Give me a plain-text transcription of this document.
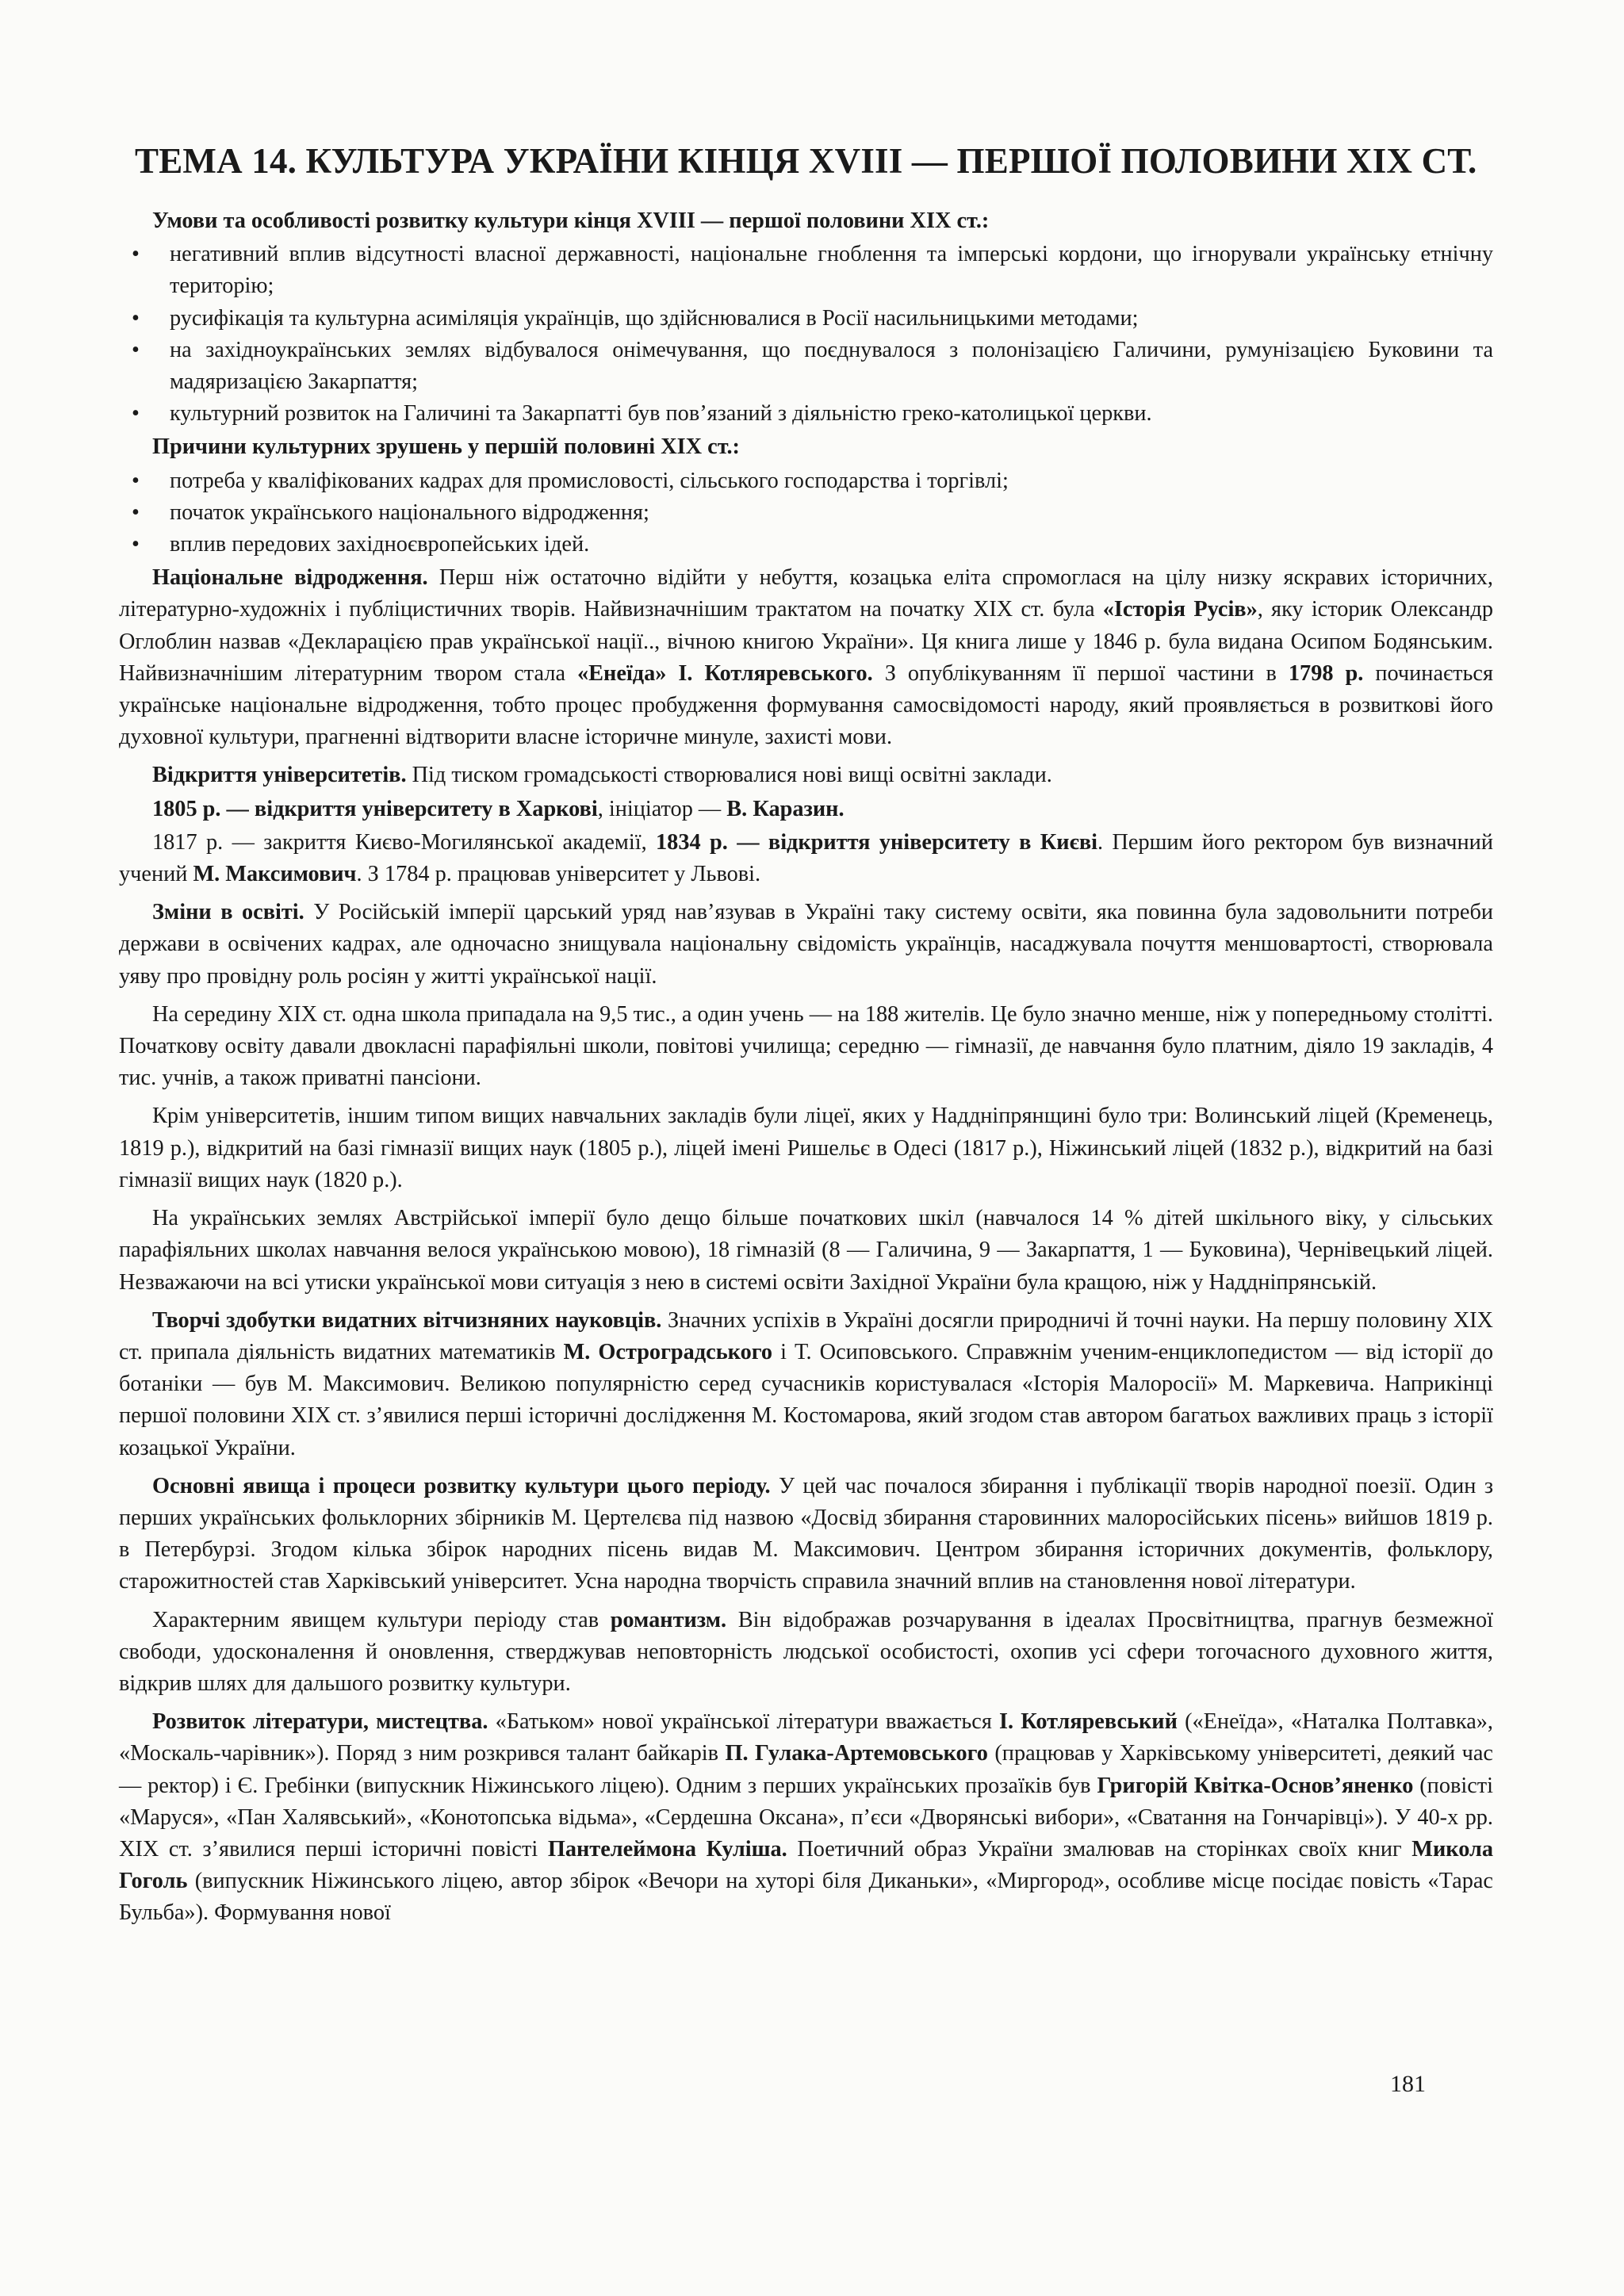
ТЕМА 14. КУЛЬТУРА УКРАЇНИ КІНЦЯ XVIII — ПЕРШОЇ ПОЛОВИНИ XIX СТ.
Умови та особливості розвитку культури кінця XVIII — першої половини XIX ст.:
• негативний вплив відсутності власної державності, національне гноблення та імперські кордони, що ігнорували українську етнічну територію;
• русифікація та культурна асиміляція українців, що здійснювалися в Росії насильницькими методами;
• на західноукраїнських землях відбувалося онімечування, що поєднувалося з полонізацією Галичини, румунізацією Буковини та мадяризацією Закарпаття;
• культурний розвиток на Галичині та Закарпатті був пов’язаний з діяльністю греко-католицької церкви.
Причини культурних зрушень у першій половині XIX ст.:
• потреба у кваліфікованих кадрах для промисловості, сільського господарства і торгівлі;
• початок українського національного відродження;
• вплив передових західноєвропейських ідей.

Національне відродження. Перш ніж остаточно відійти у небуття, козацька еліта спромоглася на цілу низку яскравих історичних, літературно-художніх і публіцистичних творів. Найвизначнішим трактатом на початку XIX ст. була «Історія Русів», яку історик Олександр Оглоблин назвав «Декларацією прав української нації.., вічною книгою України». Ця книга лише у 1846 р. була видана Осипом Бодянським. Найвизначнішим літературним твором стала «Енеїда» І. Котляревського. З опублікуванням її першої частини в 1798 р. починається українське національне відродження, тобто процес пробудження формування самосвідомості народу, який проявляється в розвиткові його духовної культури, прагненні відтворити власне історичне минуле, захисті мови.

Відкриття університетів. Під тиском громадськості створювалися нові вищі освітні заклади.

1805 р. — відкриття університету в Харкові, ініціатор — В. Каразин.

1817 р. — закриття Києво-Могилянської академії, 1834 р. — відкриття університету в Києві. Першим його ректором був визначний учений М. Максимович. З 1784 р. працював університет у Львові.

Зміни в освіті. У Російській імперії царський уряд нав’язував в Україні таку систему освіти, яка повинна була задовольнити потреби держави в освічених кадрах, але одночасно знищувала національну свідомість українців, насаджувала почуття меншовартості, створювала уяву про провідну роль росіян у житті української нації.

На середину XIX ст. одна школа припадала на 9,5 тис., а один учень — на 188 жителів. Це було значно менше, ніж у попередньому столітті. Початкову освіту давали двокласні парафіяльні школи, повітові училища; середню — гімназії, де навчання було платним, діяло 19 закладів, 4 тис. учнів, а також приватні пансіони.

Крім університетів, іншим типом вищих навчальних закладів були ліцеї, яких у Наддніпрянщині було три: Волинський ліцей (Кременець, 1819 р.), відкритий на базі гімназії вищих наук (1805 р.), ліцей імені Ришельє в Одесі (1817 р.), Ніжинський ліцей (1832 р.), відкритий на базі гімназії вищих наук (1820 р.).

На українських землях Австрійської імперії було дещо більше початкових шкіл (навчалося 14 % дітей шкільного віку, у сільських парафіяльних школах навчання велося українською мовою), 18 гімназій (8 — Галичина, 9 — Закарпаття, 1 — Буковина), Чернівецький ліцей. Незважаючи на всі утиски української мови ситуація з нею в системі освіти Західної України була кращою, ніж у Наддніпрянській.

Творчі здобутки видатних вітчизняних науковців. Значних успіхів в Україні досягли природничі й точні науки. На першу половину XIX ст. припала діяльність видатних математиків М. Остроградського і Т. Осиповського. Справжнім ученим-енциклопедистом — від історії до ботаніки — був М. Максимович. Великою популярністю серед сучасників користувалася «Історія Малоросії» М. Маркевича. Наприкінці першої половини XIX ст. з’явилися перші історичні дослідження М. Костомарова, який згодом став автором багатьох важливих праць з історії козацької України.

Основні явища і процеси розвитку культури цього періоду. У цей час почалося збирання і публікації творів народної поезії. Один з перших українських фольклорних збірників М. Цертелєва під назвою «Досвід збирання старовинних малоросійських пісень» вийшов 1819 р. в Петербурзі. Згодом кілька збірок народних пісень видав М. Максимович. Центром збирання історичних документів, фольклору, старожитностей став Харківський університет. Усна народна творчість справила значний вплив на становлення нової літератури.

Характерним явищем культури періоду став романтизм. Він відображав розчарування в ідеалах Просвітництва, прагнув безмежної свободи, удосконалення й оновлення, стверджував неповторність людської особистості, охопив усі сфери тогочасного духовного життя, відкрив шлях для дальшого розвитку культури.

Розвиток літератури, мистецтва. «Батьком» нової української літератури вважається І. Котляревський («Енеїда», «Наталка Полтавка», «Москаль-чарівник»). Поряд з ним розкрився талант байкарів П. Гулака-Артемовського (працював у Харківському університеті, деякий час — ректор) і Є. Гребінки (випускник Ніжинського ліцею). Одним з перших українських прозаїків був Григорій Квітка-Основ’яненко (повісті «Маруся», «Пан Халявський», «Конотопська відьма», «Сердешна Оксана», п’єси «Дворянські вибори», «Сватання на Гончарівці»). У 40-х рр. XIX ст. з’явилися перші історичні повісті Пантелеймона Куліша. Поетичний образ України змалював на сторінках своїх книг Микола Гоголь (випускник Ніжинського ліцею, автор збірок «Вечори на хуторі біля Диканьки», «Миргород», особливе місце посідає повість «Тарас Бульба»). Формування нової

181
